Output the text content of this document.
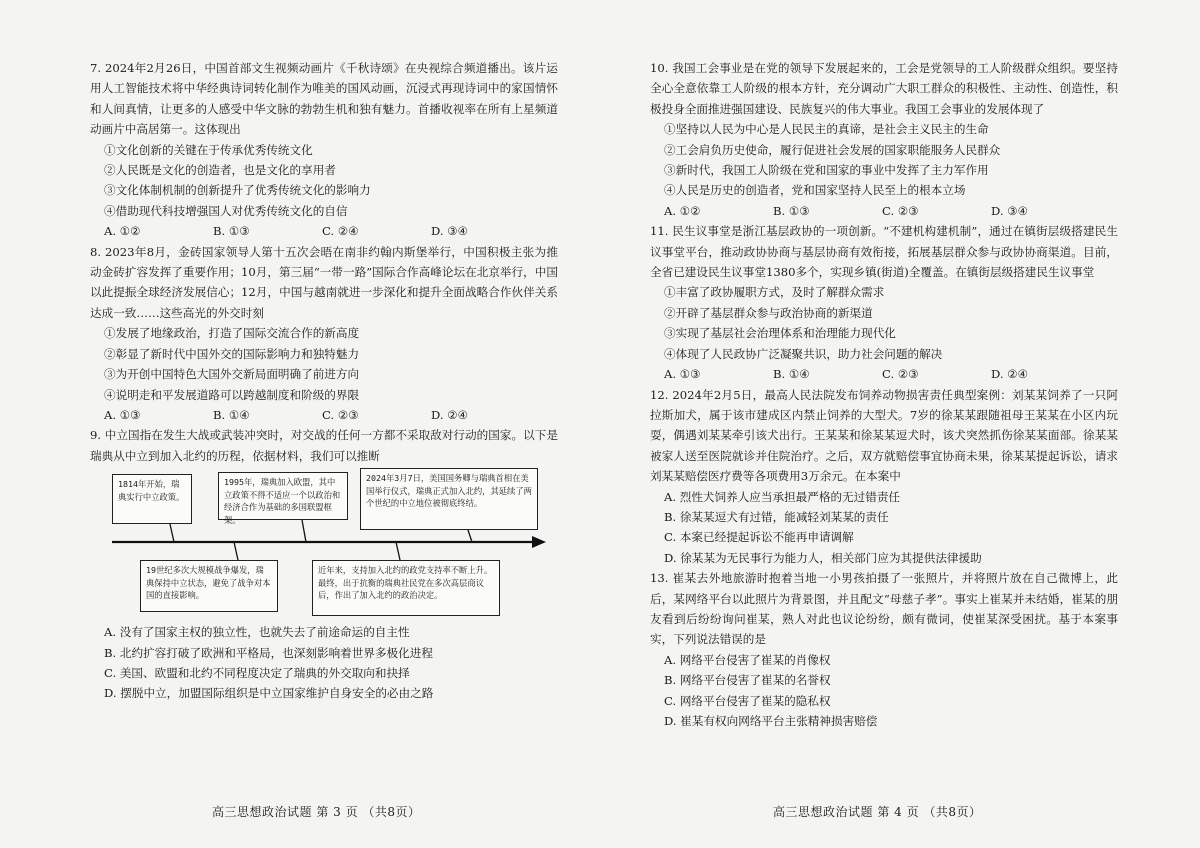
7. 2024年2月26日，中国首部文生视频动画片《千秋诗颂》在央视综合频道播出。该片运用人工智能技术将中华经典诗词转化制作为唯美的国风动画，沉浸式再现诗词中的家国情怀和人间真情，让更多的人感受中华文脉的勃勃生机和独有魅力。首播收视率在所有上星频道动画片中高居第一。这体现出

①文化创新的关键在于传承优秀传统文化

②人民既是文化的创造者，也是文化的享用者

③文化体制机制的创新提升了优秀传统文化的影响力

④借助现代科技增强国人对优秀传统文化的自信

A. ①②	B. ①③	C. ②④	D. ③④

8. 2023年8月，金砖国家领导人第十五次会晤在南非约翰内斯堡举行，中国积极主张为推动金砖扩容发挥了重要作用；10月，第三届“一带一路”国际合作高峰论坛在北京举行，中国以此提振全球经济发展信心；12月，中国与越南就进一步深化和提升全面战略合作伙伴关系达成一致……这些高光的外交时刻

①发展了地缘政治，打造了国际交流合作的新高度

②彰显了新时代中国外交的国际影响力和独特魅力

③为开创中国特色大国外交新局面明确了前进方向

④说明走和平发展道路可以跨越制度和阶级的界限

A. ①③	B. ①④	C. ②③	D. ②④

9. 中立国指在发生大战或武装冲突时，对交战的任何一方都不采取敌对行动的国家。以下是瑞典从中立到加入北约的历程，依据材料，我们可以推断

1814年开始，瑞典实行中立政策。
1995年，瑞典加入欧盟，其中立政策不得不适应一个以政治和经济合作为基础的多国联盟框架。
2024年3月7日，美国国务卿与瑞典首相在美国举行仪式，瑞典正式加入北约，其延续了两个世纪的中立地位被彻底终结。
19世纪多次大规模战争爆发，瑞典保持中立状态，避免了战争对本国的直接影响。
近年来，支持加入北约的政党支持率不断上升。最终，出于抗衡的瑞典社民党在多次高层商议后，作出了加入北约的政治决定。

A. 没有了国家主权的独立性，也就失去了前途命运的自主性

B. 北约扩容打破了欧洲和平格局，也深刻影响着世界多极化进程

C. 美国、欧盟和北约不同程度决定了瑞典的外交取向和抉择

D. 摆脱中立，加盟国际组织是中立国家维护自身安全的必由之路

高三思想政治试题 第 3 页 （共8页）

10. 我国工会事业是在党的领导下发展起来的，工会是党领导的工人阶级群众组织。要坚持全心全意依靠工人阶级的根本方针，充分调动广大职工群众的积极性、主动性、创造性，积极投身全面推进强国建设、民族复兴的伟大事业。我国工会事业的发展体现了

①坚持以人民为中心是人民民主的真谛，是社会主义民主的生命

②工会肩负历史使命，履行促进社会发展的国家职能服务人民群众

③新时代，我国工人阶级在党和国家的事业中发挥了主力军作用

④人民是历史的创造者，党和国家坚持人民至上的根本立场

A. ①②	B. ①③	C. ②③	D. ③④

11. 民生议事堂是浙江基层政协的一项创新。“不建机构建机制”，通过在镇街层级搭建民生议事堂平台，推动政协协商与基层协商有效衔接，拓展基层群众参与政协协商渠道。目前，全省已建设民生议事堂1380多个，实现乡镇(街道)全覆盖。在镇街层级搭建民生议事堂

①丰富了政协履职方式，及时了解群众需求

②开辟了基层群众参与政治协商的新渠道

③实现了基层社会治理体系和治理能力现代化

④体现了人民政协广泛凝聚共识，助力社会问题的解决

A. ①③	B. ①④	C. ②③	D. ②④

12. 2024年2月5日，最高人民法院发布饲养动物损害责任典型案例：刘某某饲养了一只阿拉斯加犬，属于该市建成区内禁止饲养的大型犬。7岁的徐某某跟随祖母王某某在小区内玩耍，偶遇刘某某牵引该犬出行。王某某和徐某某逗犬时，该犬突然抓伤徐某某面部。徐某某被家人送至医院就诊并住院治疗。之后，双方就赔偿事宜协商未果，徐某某提起诉讼，请求刘某某赔偿医疗费等各项费用3万余元。在本案中

A. 烈性犬饲养人应当承担最严格的无过错责任

B. 徐某某逗犬有过错，能减轻刘某某的责任

C. 本案已经提起诉讼不能再申请调解

D. 徐某某为无民事行为能力人，相关部门应为其提供法律援助

13. 崔某去外地旅游时抱着当地一小男孩拍摄了一张照片，并将照片放在自己微博上，此后，某网络平台以此照片为背景图，并且配文“母慈子孝”。事实上崔某并未结婚，崔某的朋友看到后纷纷询问崔某，熟人对此也议论纷纷，颇有微词，使崔某深受困扰。基于本案事实，下列说法错误的是

A. 网络平台侵害了崔某的肖像权

B. 网络平台侵害了崔某的名誉权

C. 网络平台侵害了崔某的隐私权

D. 崔某有权向网络平台主张精神损害赔偿

高三思想政治试题 第 4 页 （共8页）
